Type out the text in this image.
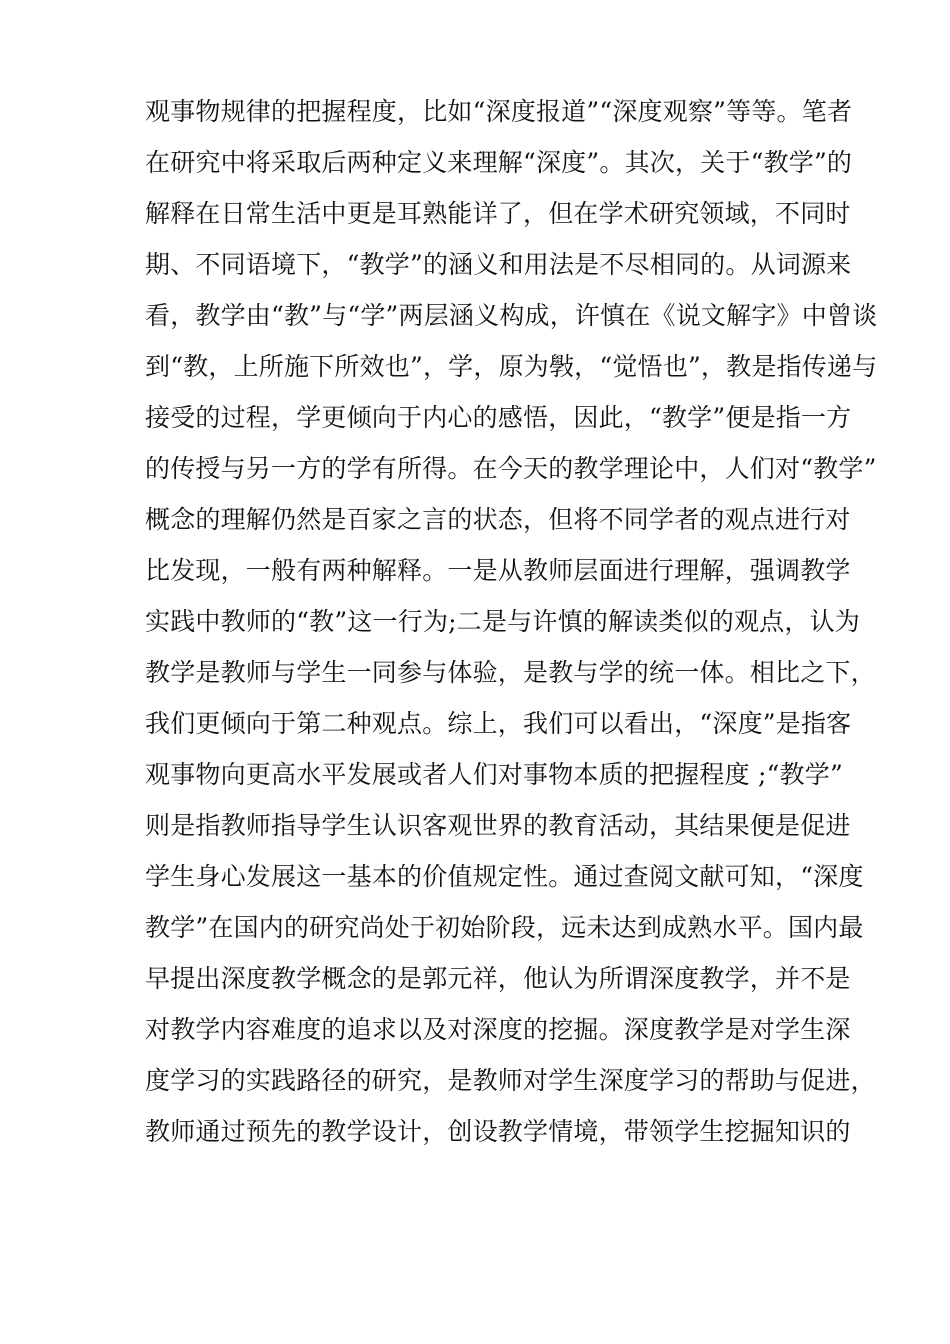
观事物规律的把握程度，比如“深度报道”“深度观察”等等。笔者
在研究中将采取后两种定义来理解“深度”。其次，关于“教学”的
解释在日常生活中更是耳熟能详了，但在学术研究领域，不同时
期、不同语境下，“教学”的涵义和用法是不尽相同的。从词源来
看，教学由“教”与“学”两层涵义构成，许慎在《说文解字》中曾谈
到“教，上所施下所效也”，学，原为斅，“觉悟也”，教是指传递与
接受的过程，学更倾向于内心的感悟，因此，“教学”便是指一方
的传授与另一方的学有所得。在今天的教学理论中，人们对“教学”
概念的理解仍然是百家之言的状态，但将不同学者的观点进行对
比发现，一般有两种解释。一是从教师层面进行理解，强调教学
实践中教师的“教”这一行为;二是与许慎的解读类似的观点，认为
教学是教师与学生一同参与体验，是教与学的统一体。相比之下，
我们更倾向于第二种观点。综上，我们可以看出，“深度”是指客
观事物向更高水平发展或者人们对事物本质的把握程度 ;“教学”
则是指教师指导学生认识客观世界的教育活动，其结果便是促进
学生身心发展这一基本的价值规定性。通过查阅文献可知，“深度
教学”在国内的研究尚处于初始阶段，远未达到成熟水平。国内最
早提出深度教学概念的是郭元祥，他认为所谓深度教学，并不是
对教学内容难度的追求以及对深度的挖掘。深度教学是对学生深
度学习的实践路径的研究，是教师对学生深度学习的帮助与促进，
教师通过预先的教学设计，创设教学情境，带领学生挖掘知识的
